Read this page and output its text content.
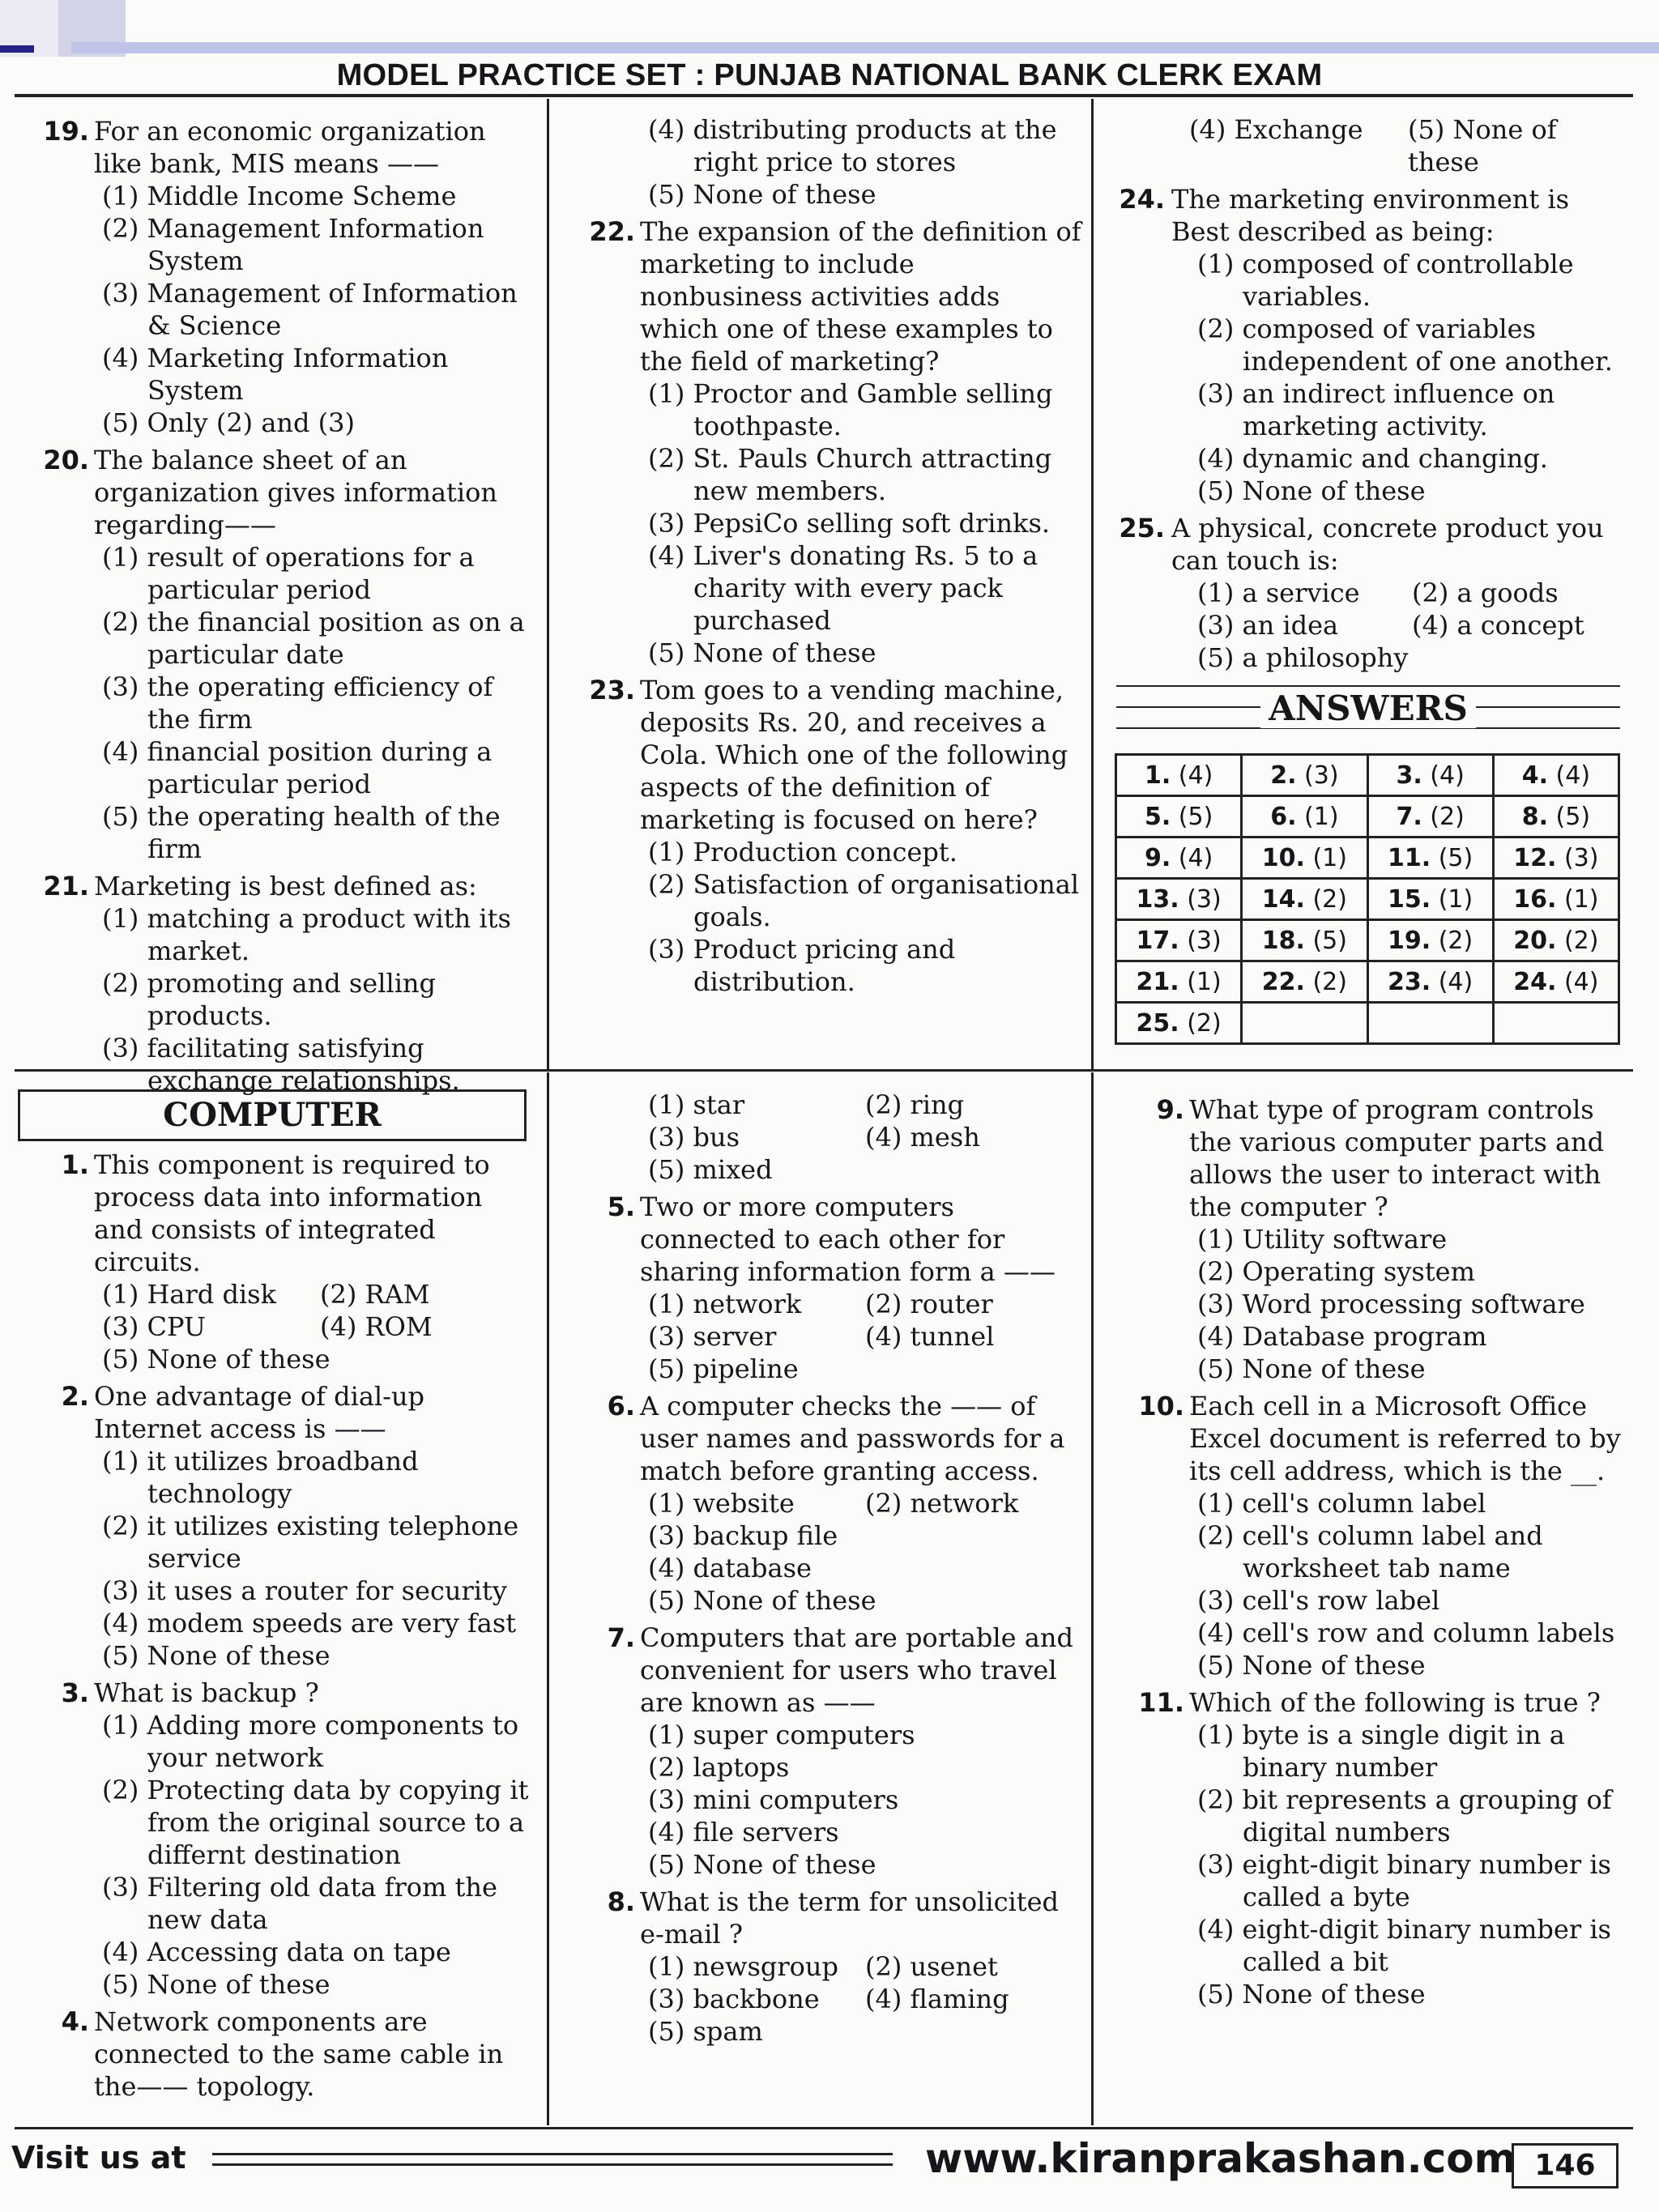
MODEL PRACTICE SET : PUNJAB NATIONAL BANK CLERK EXAM
19. For an economic organization like bank, MIS means ——
(1) Middle Income Scheme
(2) Management Information System
(3) Management of Information & Science
(4) Marketing Information System
(5) Only (2) and (3)
20. The balance sheet of an organization gives information regarding——
(1) result of operations for a particular period
(2) the financial position as on a particular date
(3) the operating efficiency of the firm
(4) financial position during a particular period
(5) the operating health of the firm
21. Marketing is best defined as:
(1) matching a product with its market.
(2) promoting and selling products.
(3) facilitating satisfying exchange relationships.
(4) distributing products at the right price to stores
(5) None of these
22. The expansion of the definition of marketing to include nonbusiness activities adds which one of these examples to the field of marketing?
(1) Proctor and Gamble selling toothpaste.
(2) St. Pauls Church attracting new members.
(3) PepsiCo selling soft drinks.
(4) Liver's donating Rs. 5 to a charity with every pack purchased
(5) None of these
23. Tom goes to a vending machine, deposits Rs. 20, and receives a Cola. Which one of the following aspects of the definition of marketing is focused on here?
(1) Production concept.
(2) Satisfaction of organisational goals.
(3) Product pricing and distribution.
(4) Exchange	(5) None of these
24. The marketing environment is Best described as being:
(1) composed of controllable variables.
(2) composed of variables independent of one another.
(3) an indirect influence on marketing activity.
(4) dynamic and changing.
(5) None of these
25. A physical, concrete product you can touch is:
(1) a service	(2) a goods
(3) an idea	(4) a concept
(5) a philosophy
ANSWERS
1. (4)	2. (3)	3. (4)	4. (4)
5. (5)	6. (1)	7. (2)	8. (5)
9. (4)	10. (1)	11. (5)	12. (3)
13. (3)	14. (2)	15. (1)	16. (1)
17. (3)	18. (5)	19. (2)	20. (2)
21. (1)	22. (2)	23. (4)	24. (4)
25. (2)			
COMPUTER
1. This component is required to process data into information and consists of integrated circuits.
(1) Hard disk	(2) RAM
(3) CPU	(4) ROM
(5) None of these
2. One advantage of dial-up Internet access is ——
(1) it utilizes broadband technology
(2) it utilizes existing telephone service
(3) it uses a router for security
(4) modem speeds are very fast
(5) None of these
3. What is backup ?
(1) Adding more components to your network
(2) Protecting data by copying it from the original source to a differnt destination
(3) Filtering old data from the new data
(4) Accessing data on tape
(5) None of these
4. Network components are connected to the same cable in the—— topology.
(1) star	(2) ring
(3) bus	(4) mesh
(5) mixed
5. Two or more computers connected to each other for sharing information form a ——
(1) network	(2) router
(3) server	(4) tunnel
(5) pipeline
6. A computer checks the —— of user names and passwords for a match before granting access.
(1) website	(2) network
(3) backup file
(4) database
(5) None of these
7. Computers that are portable and convenient for users who travel are known as ——
(1) super computers
(2) laptops
(3) mini computers
(4) file servers
(5) None of these
8. What is the term for unsolicited e-mail ?
(1) newsgroup	(2) usenet
(3) backbone	(4) flaming
(5) spam
9. What type of program controls the various computer parts and allows the user to interact with the computer ?
(1) Utility software
(2) Operating system
(3) Word processing software
(4) Database program
(5) None of these
10. Each cell in a Microsoft Office Excel document is referred to by its cell address, which is the __.
(1) cell's column label
(2) cell's column label and worksheet tab name
(3) cell's row label
(4) cell's row and column labels
(5) None of these
11. Which of the following is true ?
(1) byte is a single digit in a binary number
(2) bit represents a grouping of digital numbers
(3) eight-digit binary number is called a byte
(4) eight-digit binary number is called a bit
(5) None of these
Visit us at	www.kiranprakashan.com 146
